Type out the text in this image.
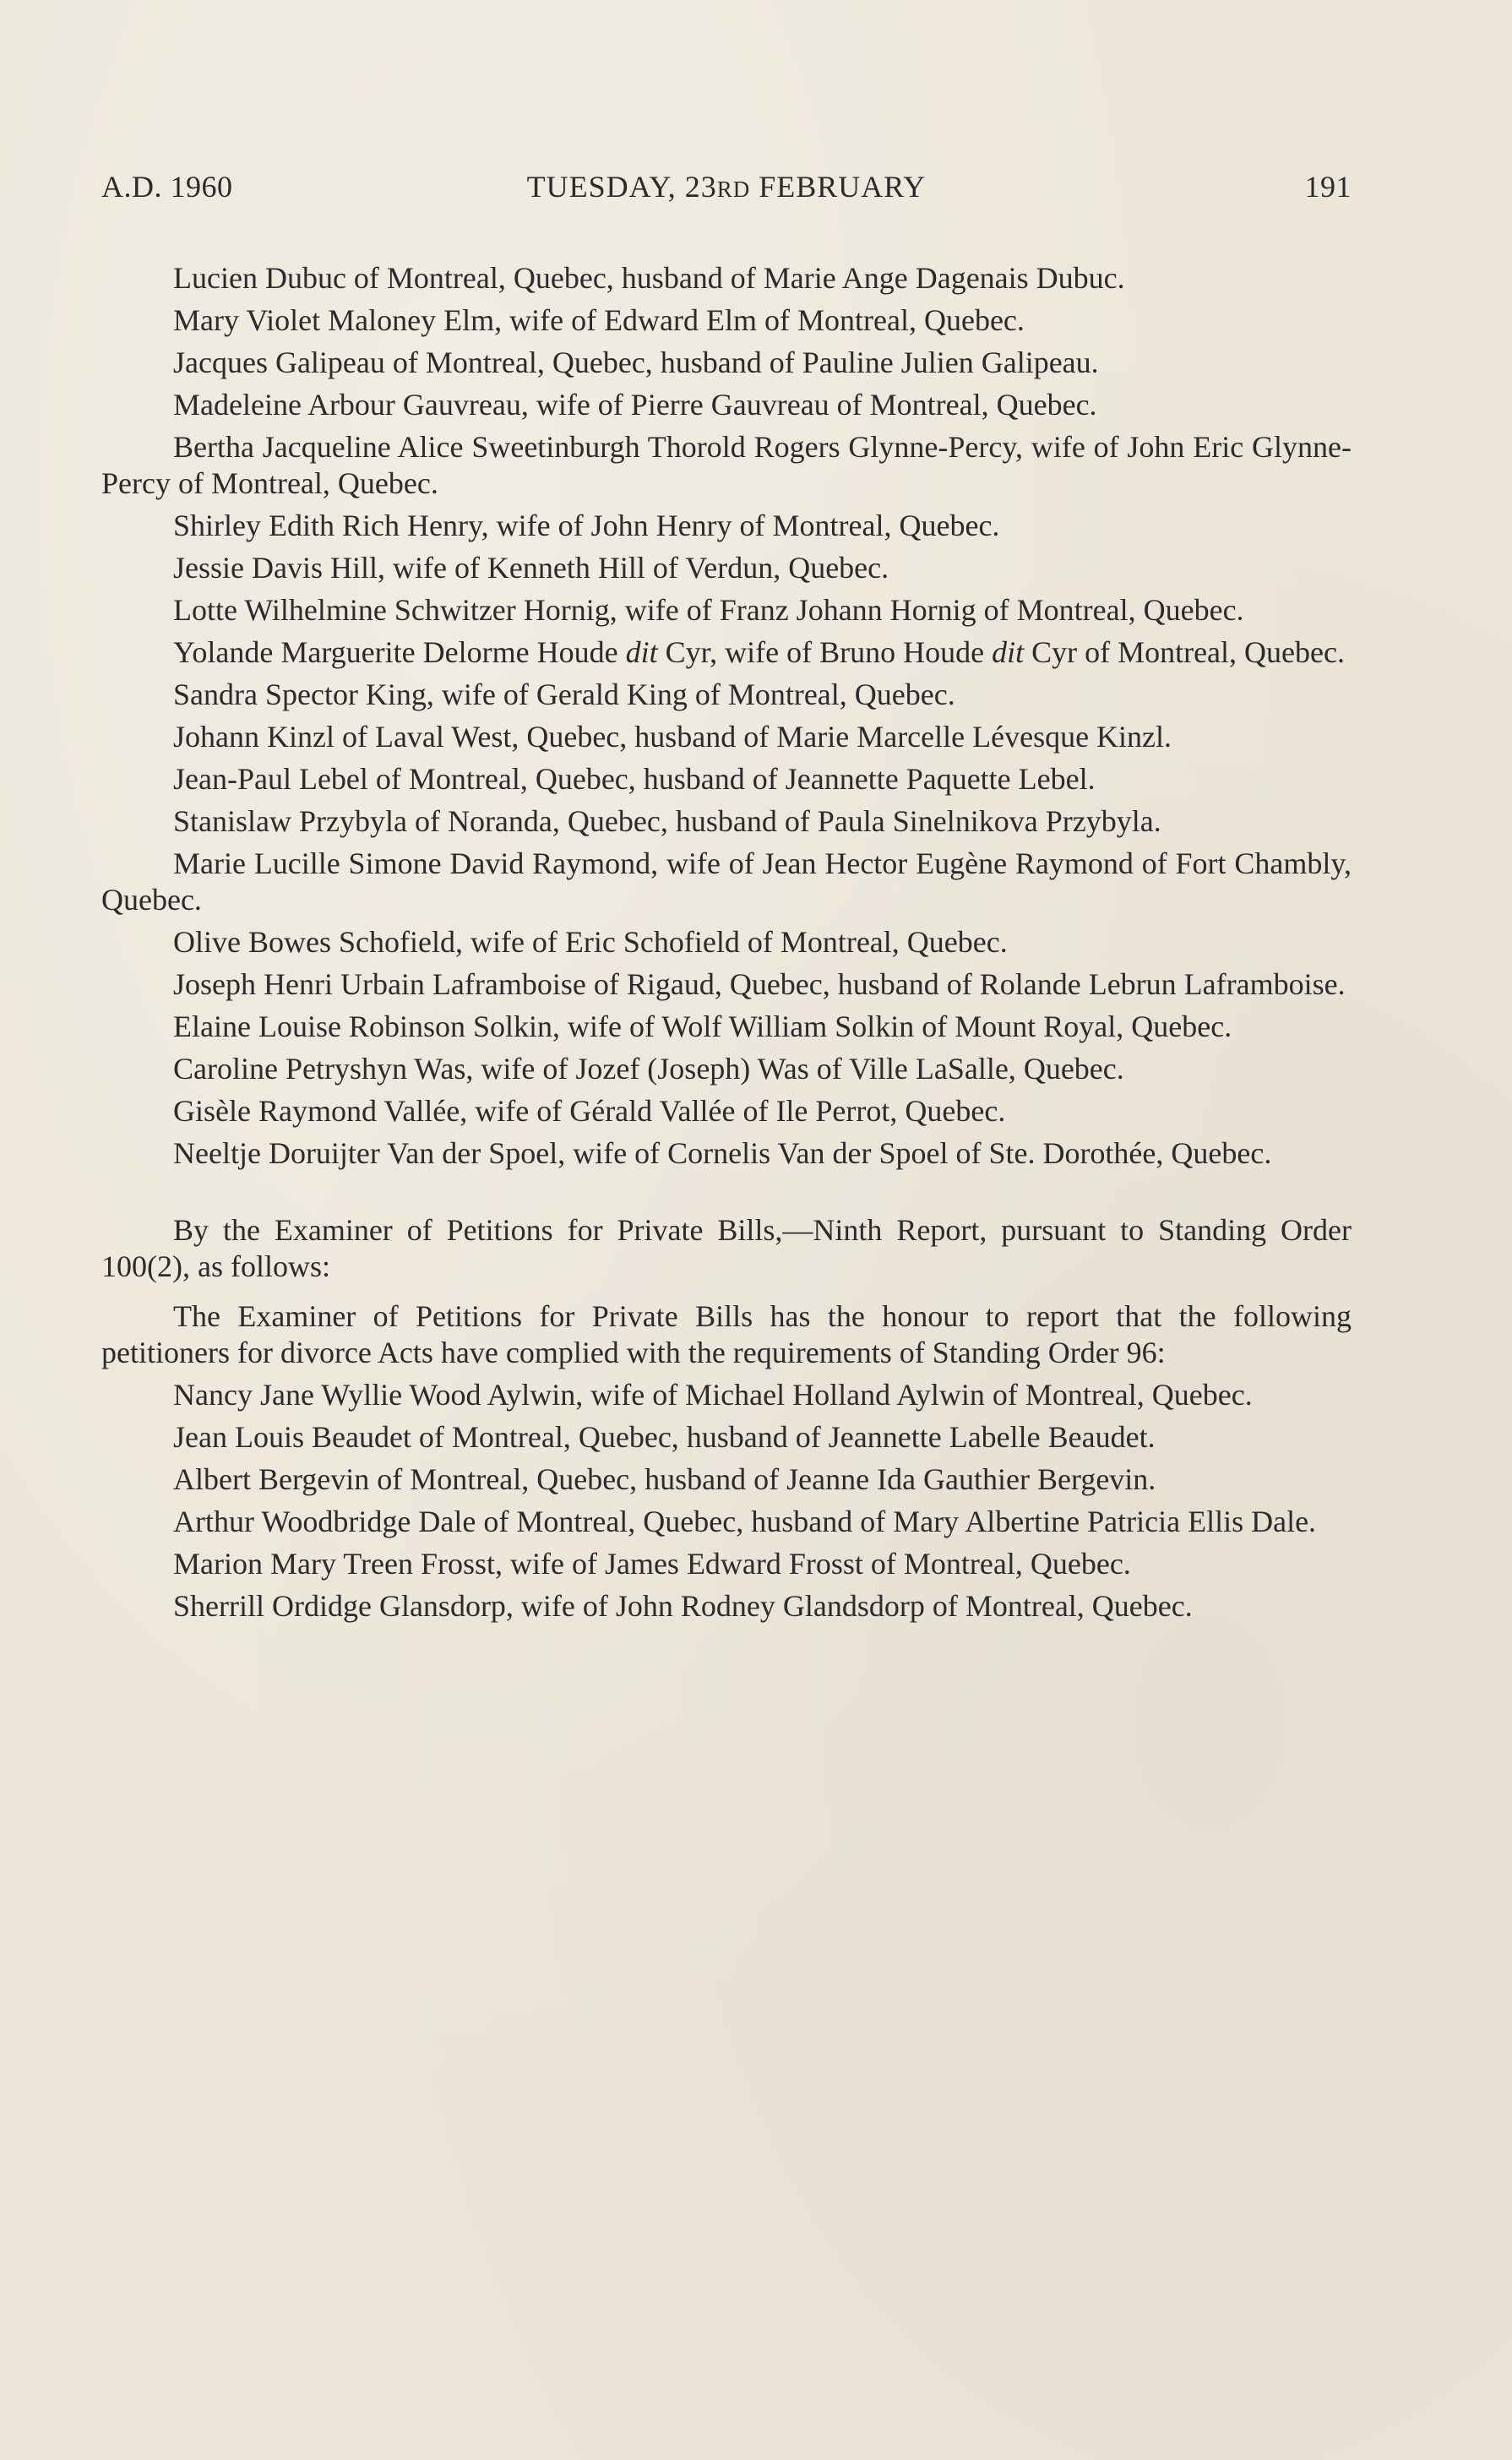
A.D. 1960	TUESDAY, 23RD FEBRUARY	191

Lucien Dubuc of Montreal, Quebec, husband of Marie Ange Dagenais Dubuc.

Mary Violet Maloney Elm, wife of Edward Elm of Montreal, Quebec.

Jacques Galipeau of Montreal, Quebec, husband of Pauline Julien Galipeau.

Madeleine Arbour Gauvreau, wife of Pierre Gauvreau of Montreal, Quebec.

Bertha Jacqueline Alice Sweetinburgh Thorold Rogers Glynne-Percy, wife of John Eric Glynne-Percy of Montreal, Quebec.

Shirley Edith Rich Henry, wife of John Henry of Montreal, Quebec.

Jessie Davis Hill, wife of Kenneth Hill of Verdun, Quebec.

Lotte Wilhelmine Schwitzer Hornig, wife of Franz Johann Hornig of Montreal, Quebec.

Yolande Marguerite Delorme Houde dit Cyr, wife of Bruno Houde dit Cyr of Montreal, Quebec.

Sandra Spector King, wife of Gerald King of Montreal, Quebec.

Johann Kinzl of Laval West, Quebec, husband of Marie Marcelle Lévesque Kinzl.

Jean-Paul Lebel of Montreal, Quebec, husband of Jeannette Paquette Lebel.

Stanislaw Przybyla of Noranda, Quebec, husband of Paula Sinelnikova Przybyla.

Marie Lucille Simone David Raymond, wife of Jean Hector Eugène Raymond of Fort Chambly, Quebec.

Olive Bowes Schofield, wife of Eric Schofield of Montreal, Quebec.

Joseph Henri Urbain Laframboise of Rigaud, Quebec, husband of Rolande Lebrun Laframboise.

Elaine Louise Robinson Solkin, wife of Wolf William Solkin of Mount Royal, Quebec.

Caroline Petryshyn Was, wife of Jozef (Joseph) Was of Ville LaSalle, Quebec.

Gisèle Raymond Vallée, wife of Gérald Vallée of Ile Perrot, Quebec.

Neeltje Doruijter Van der Spoel, wife of Cornelis Van der Spoel of Ste. Dorothée, Quebec.

By the Examiner of Petitions for Private Bills,—Ninth Report, pursuant to Standing Order 100(2), as follows:

The Examiner of Petitions for Private Bills has the honour to report that the following petitioners for divorce Acts have complied with the requirements of Standing Order 96:

Nancy Jane Wyllie Wood Aylwin, wife of Michael Holland Aylwin of Montreal, Quebec.

Jean Louis Beaudet of Montreal, Quebec, husband of Jeannette Labelle Beaudet.

Albert Bergevin of Montreal, Quebec, husband of Jeanne Ida Gauthier Bergevin.

Arthur Woodbridge Dale of Montreal, Quebec, husband of Mary Albertine Patricia Ellis Dale.

Marion Mary Treen Frosst, wife of James Edward Frosst of Montreal, Quebec.

Sherrill Ordidge Glansdorp, wife of John Rodney Glandsdorp of Montreal, Quebec.
